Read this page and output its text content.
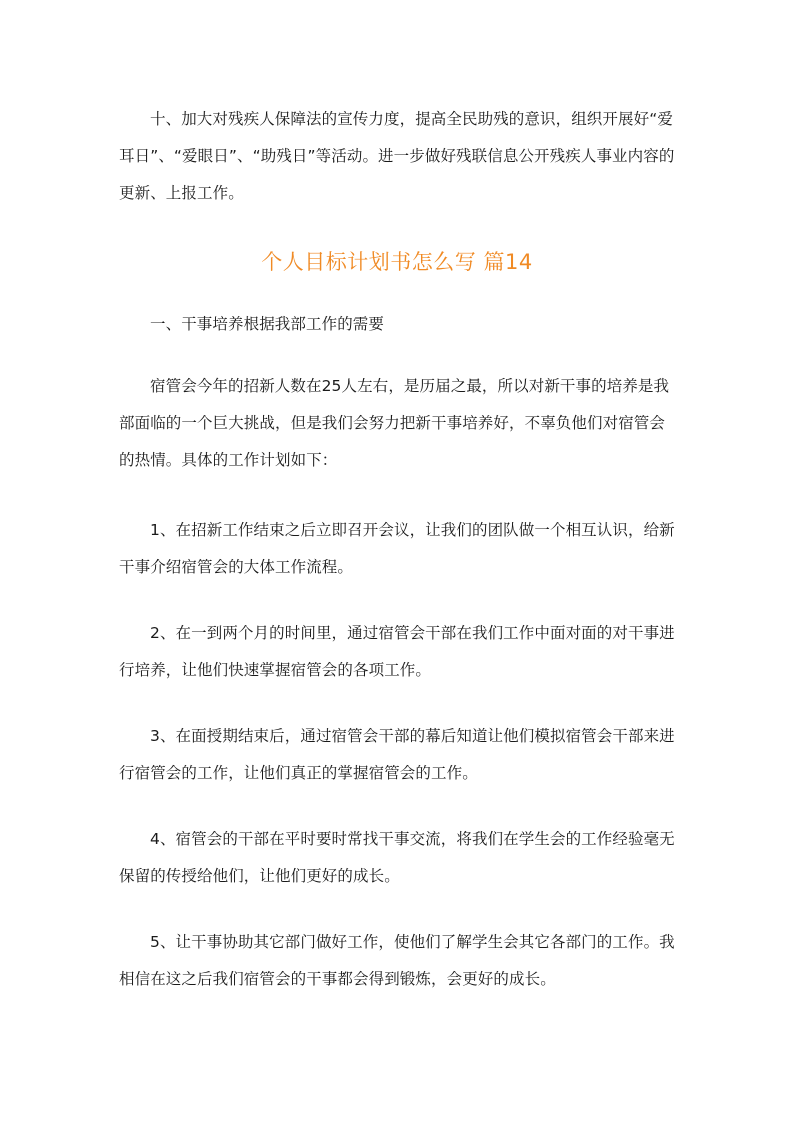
十、加大对残疾人保障法的宣传力度，提高全民助残的意识，组织开展好“爱耳日”、“爱眼日”、“助残日”等活动。进一步做好残联信息公开残疾人事业内容的更新、上报工作。

个人目标计划书怎么写 篇14

一、干事培养根据我部工作的需要

宿管会今年的招新人数在25人左右，是历届之最，所以对新干事的培养是我部面临的一个巨大挑战，但是我们会努力把新干事培养好，不辜负他们对宿管会的热情。具体的工作计划如下：

1、在招新工作结束之后立即召开会议，让我们的团队做一个相互认识，给新干事介绍宿管会的大体工作流程。

2、在一到两个月的时间里，通过宿管会干部在我们工作中面对面的对干事进行培养，让他们快速掌握宿管会的各项工作。

3、在面授期结束后，通过宿管会干部的幕后知道让他们模拟宿管会干部来进行宿管会的工作，让他们真正的掌握宿管会的工作。

4、宿管会的干部在平时要时常找干事交流，将我们在学生会的工作经验毫无保留的传授给他们，让他们更好的成长。

5、让干事协助其它部门做好工作，使他们了解学生会其它各部门的工作。我相信在这之后我们宿管会的干事都会得到锻炼，会更好的成长。
